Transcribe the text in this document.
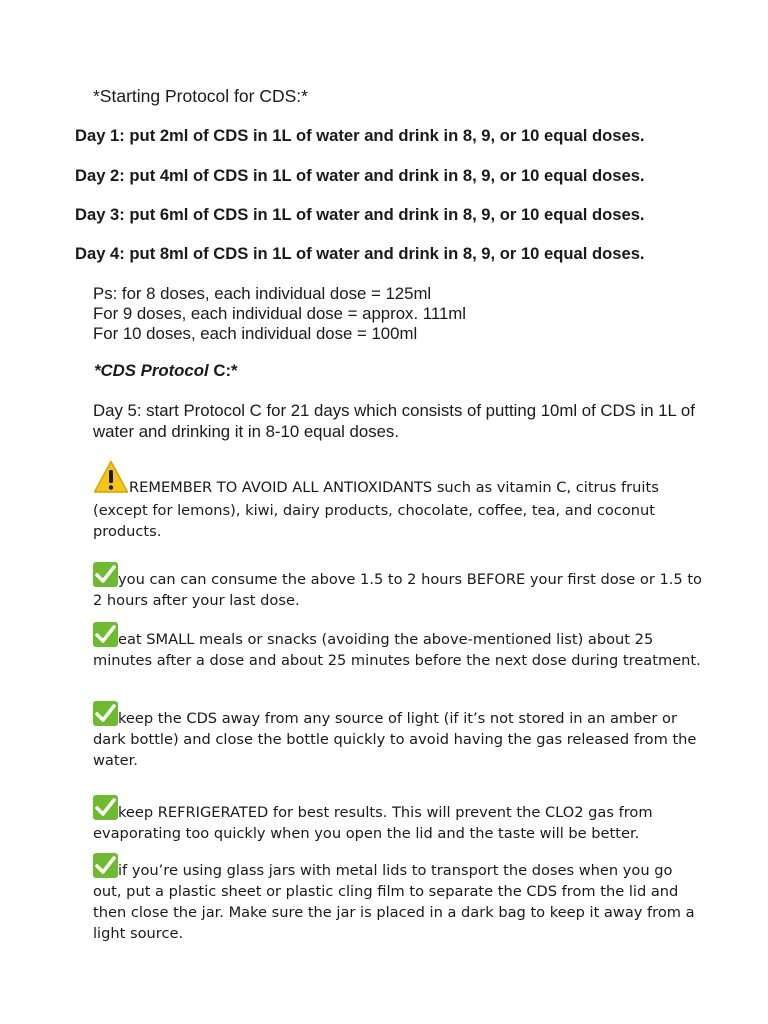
*Starting Protocol for CDS:*
Day 1: put 2ml of CDS in 1L of water and drink in 8, 9, or 10 equal doses.
Day 2: put 4ml of CDS in 1L of water and drink in 8, 9, or 10 equal doses.
Day 3: put 6ml of CDS in 1L of water and drink in 8, 9, or 10 equal doses.
Day 4: put 8ml of CDS in 1L of water and drink in 8, 9, or 10 equal doses.
Ps: for 8 doses, each individual dose = 125ml
For 9 doses, each individual dose = approx. 111ml
For 10 doses, each individual dose = 100ml
*CDS Protocol C:*
Day 5: start Protocol C for 21 days which consists of putting 10ml of CDS in 1L of water and drinking it in 8-10 equal doses.
REMEMBER TO AVOID ALL ANTIOXIDANTS such as vitamin C, citrus fruits (except for lemons), kiwi, dairy products, chocolate, coffee, tea, and coconut products.
you can can consume the above 1.5 to 2 hours BEFORE your first dose or 1.5 to 2 hours after your last dose.
eat SMALL meals or snacks (avoiding the above-mentioned list) about 25 minutes after a dose and about 25 minutes before the next dose during treatment.
keep the CDS away from any source of light (if it’s not stored in an amber or dark bottle) and close the bottle quickly to avoid having the gas released from the water.
keep REFRIGERATED for best results. This will prevent the CLO2 gas from evaporating too quickly when you open the lid and the taste will be better.
if you’re using glass jars with metal lids to transport the doses when you go out, put a plastic sheet or plastic cling film to separate the CDS from the lid and then close the jar. Make sure the jar is placed in a dark bag to keep it away from a light source.
